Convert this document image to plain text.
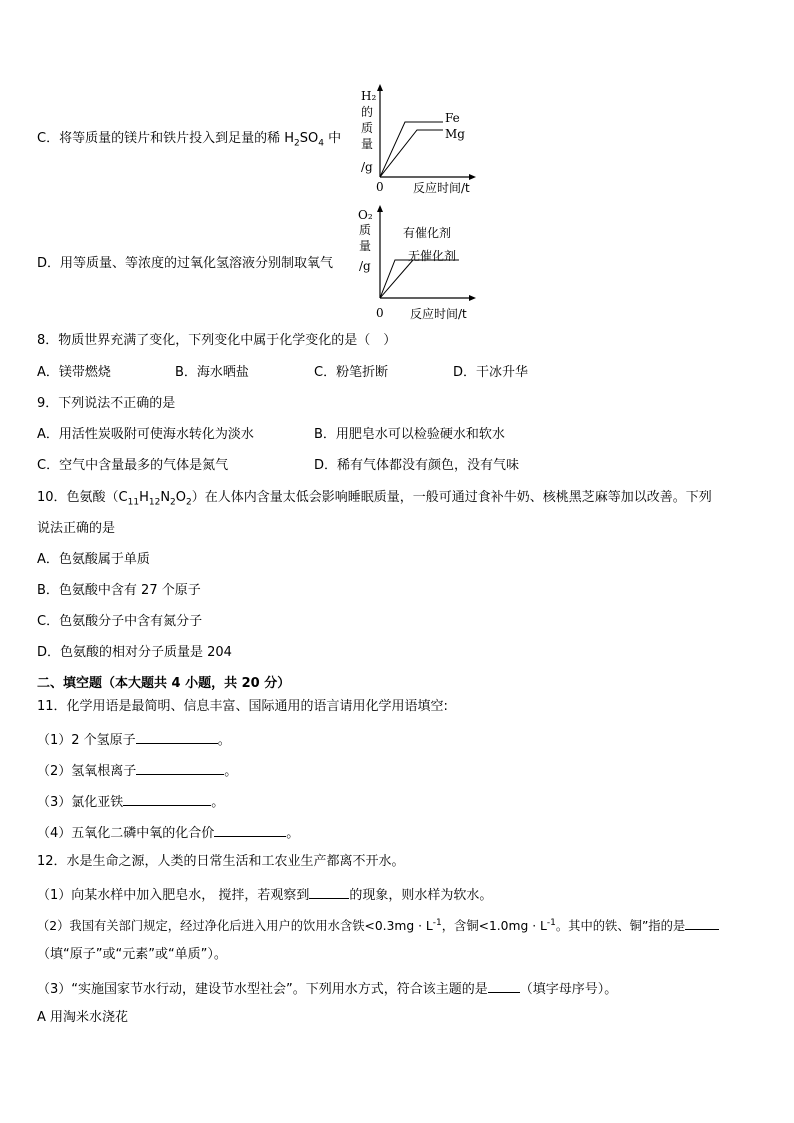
C．将等质量的镁片和铁片投入到足量的稀 $H_2SO_4$ 中
H₂
的
质
量
/g
0 反应时间/t
Fe
Mg
D．用等质量、等浓度的过氧化氢溶液分别制取氧气
O₂
质
量
/g
0 反应时间/t
有催化剂
无催化剂
8．物质世界充满了变化，下列变化中属于化学变化的是（　）
A．镁带燃烧	B．海水晒盐	C．粉笔折断	D．干冰升华
9．下列说法不正确的是
A．用活性炭吸附可使海水转化为淡水	B．用肥皂水可以检验硬水和软水
C．空气中含量最多的气体是氮气	D．稀有气体都没有颜色，没有气味
10．色氨酸$(C_{11}H_{12}N_2O_2)$在人体内含量太低会影响睡眠质量，一般可通过食补牛奶、核桃黑芝麻等加以改善。下列
说法正确的是
A．色氨酸属于单质
B．色氨酸中含有 27 个原子
C．色氨酸分子中含有氮分子
D．色氨酸的相对分子质量是 204
二、填空题（本大题共 4 小题，共 20 分）
11．化学用语是最简明、信息丰富、国际通用的语言请用化学用语填空:
（1）2 个氢原子	。
（2）氢氧根离子	。
（3）氯化亚铁	。
（4）五氧化二磷中氧的化合价	。
12．水是生命之源，人类的日常生活和工农业生产都离不开水。
（1）向某水样中加入肥皂水， 搅拌，若观察到	的现象，则水样为软水。
（2）我国有关部门规定，经过净化后进入用户的饮用水含铁$<0.3mg \cdot L^{-1}$，含铜$<1.0mg \cdot L^{-1}$。其中的铁、铜”指的是
（填“原子”或“元素”或“单质”）。
（3）“实施国家节水行动，建设节水型社会”。下列用水方式，符合该主题的是 （填字母序号）。
A 用淘米水浇花
